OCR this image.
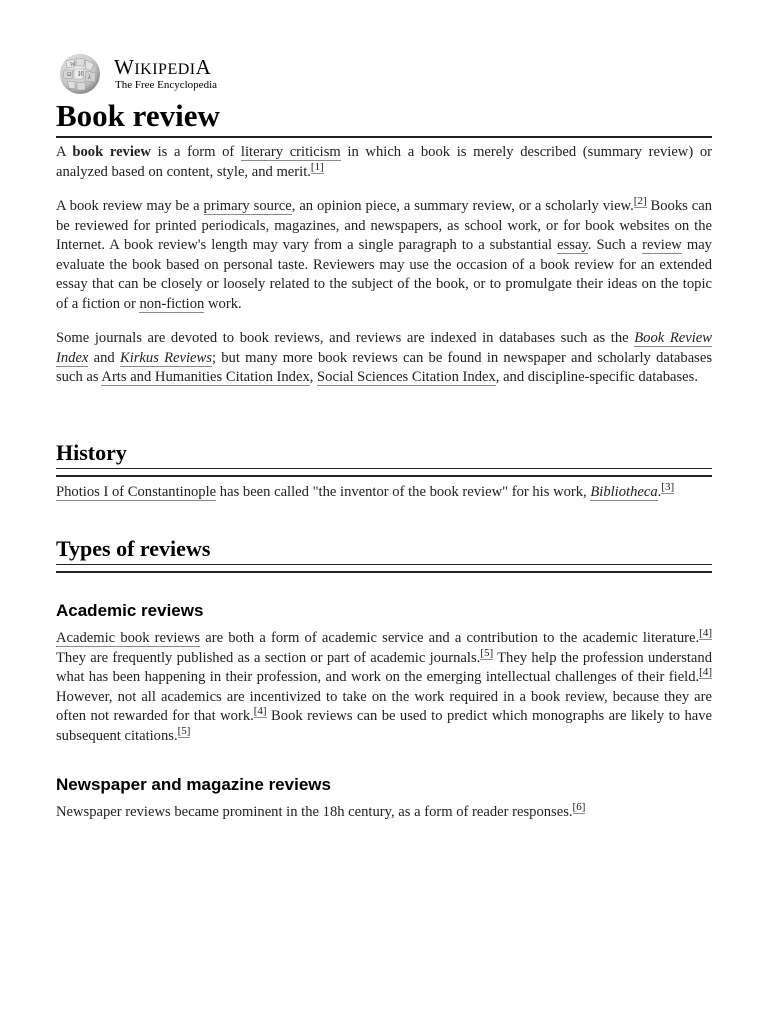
W
И
Ω	λ WIKIPEDIA
The Free Encyclopedia
Book review

A book review is a form of literary criticism in which a book is merely described (summary review) or analyzed based on content, style, and merit.[1]

A book review may be a primary source, an opinion piece, a summary review, or a scholarly view.[2] Books can be reviewed for printed periodicals, magazines, and newspapers, as school work, or for book websites on the Internet. A book review's length may vary from a single paragraph to a substantial essay. Such a review may evaluate the book based on personal taste. Reviewers may use the occasion of a book review for an extended essay that can be closely or loosely related to the subject of the book, or to promulgate their ideas on the topic of a fiction or non-fiction work.

Some journals are devoted to book reviews, and reviews are indexed in databases such as the Book Review Index and Kirkus Reviews; but many more book reviews can be found in newspaper and scholarly databases such as Arts and Humanities Citation Index, Social Sciences Citation Index, and discipline-specific databases.

History

Photios I of Constantinople has been called "the inventor of the book review" for his work, Bibliotheca.[3]

Types of reviews
Academic reviews

Academic book reviews are both a form of academic service and a contribution to the academic literature.[4] They are frequently published as a section or part of academic journals.[5] They help the profession understand what has been happening in their profession, and work on the emerging intellectual challenges of their field.[4] However, not all academics are incentivized to take on the work required in a book review, because they are often not rewarded for that work.[4] Book reviews can be used to predict which monographs are likely to have subsequent citations.[5]

Newspaper and magazine reviews

Newspaper reviews became prominent in the 18h century, as a form of reader responses.[6]
